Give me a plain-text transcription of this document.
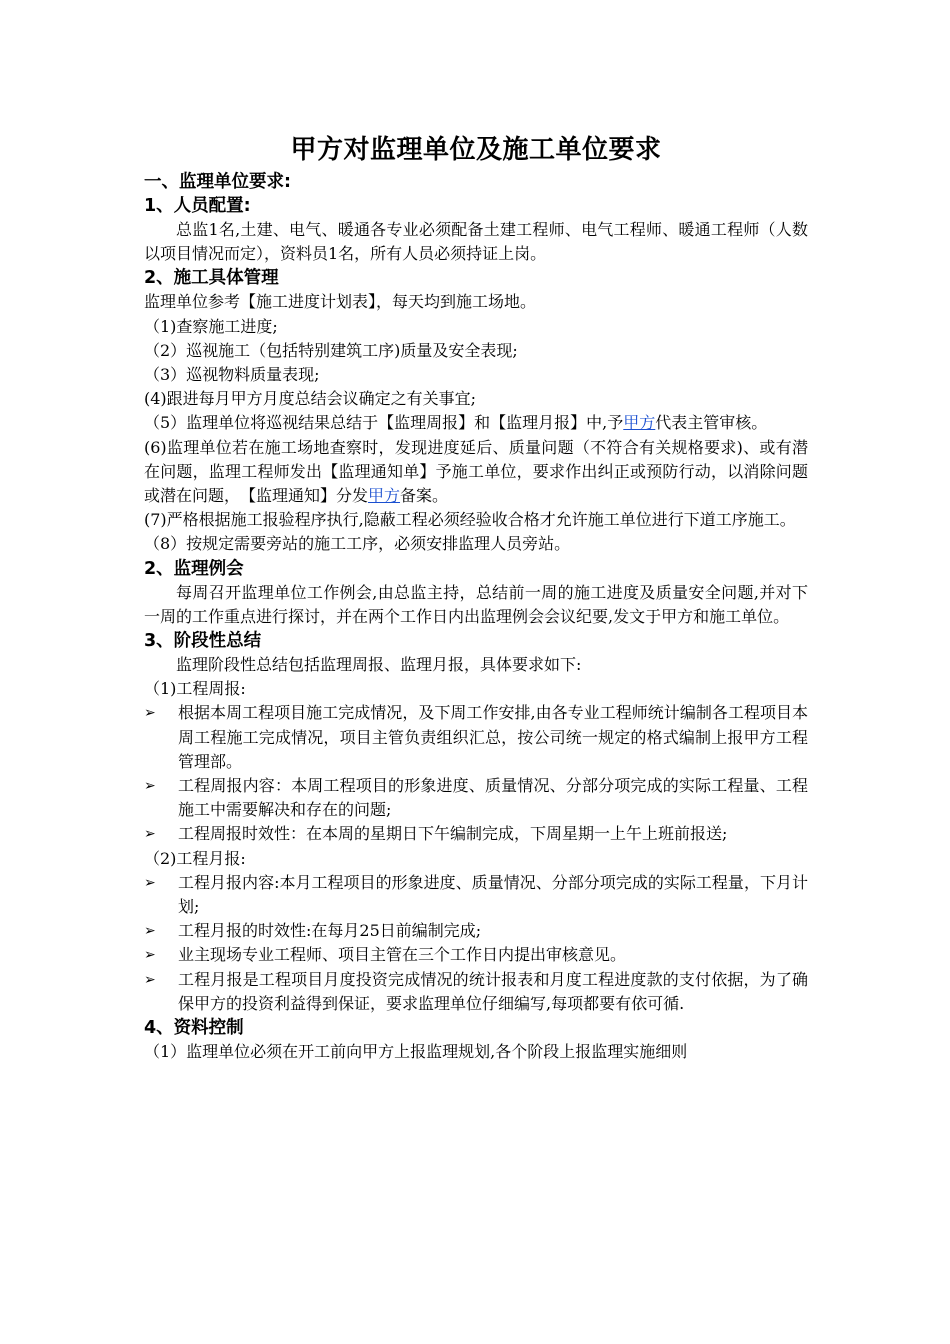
甲方对监理单位及施工单位要求
一、监理单位要求:
1、人员配置:
总监1名,土建、电气、暖通各专业必须配备土建工程师、电气工程师、暖通工程师（人数以项目情况而定），资料员1名，所有人员必须持证上岗。
2、施工具体管理
监理单位参考【施工进度计划表】，每天均到施工场地。
（1)查察施工进度;
（2）巡视施工（包括特别建筑工序)质量及安全表现;
（3）巡视物料质量表现;
(4)跟进每月甲方月度总结会议确定之有关事宜;
（5）监理单位将巡视结果总结于【监理周报】和【监理月报】中,予甲方代表主管审核。
(6)监理单位若在施工场地查察时，发现进度延后、质量问题（不符合有关规格要求)、或有潜在问题，监理工程师发出【监理通知单】予施工单位，要求作出纠正或预防行动，以消除问题或潜在问题，　【监理通知】分发甲方备案。
(7)严格根据施工报验程序执行,隐蔽工程必须经验收合格才允许施工单位进行下道工序施工。
（8）按规定需要旁站的施工工序，必须安排监理人员旁站。
2、监理例会
每周召开监理单位工作例会,由总监主持，总结前一周的施工进度及质量安全问题,并对下一周的工作重点进行探讨，并在两个工作日内出监理例会会议纪要,发文于甲方和施工单位。
3、阶段性总结
监理阶段性总结包括监理周报、监理月报，具体要求如下:
（1)工程周报:
➢ 根据本周工程项目施工完成情况，及下周工作安排,由各专业工程师统计编制各工程项目本周工程施工完成情况，项目主管负责组织汇总，按公司统一规定的格式编制上报甲方工程管理部。
➢ 工程周报内容：本周工程项目的形象进度、质量情况、分部分项完成的实际工程量、工程施工中需要解决和存在的问题;
➢ 工程周报时效性：在本周的星期日下午编制完成，下周星期一上午上班前报送;
（2)工程月报:
➢ 工程月报内容:本月工程项目的形象进度、质量情况、分部分项完成的实际工程量，下月计划;
➢ 工程月报的时效性:在每月25日前编制完成;
➢ 业主现场专业工程师、项目主管在三个工作日内提出审核意见。
➢ 工程月报是工程项目月度投资完成情况的统计报表和月度工程进度款的支付依据，为了确保甲方的投资利益得到保证，要求监理单位仔细编写,每项都要有依可循.
4、资料控制
（1）监理单位必须在开工前向甲方上报监理规划,各个阶段上报监理实施细则
